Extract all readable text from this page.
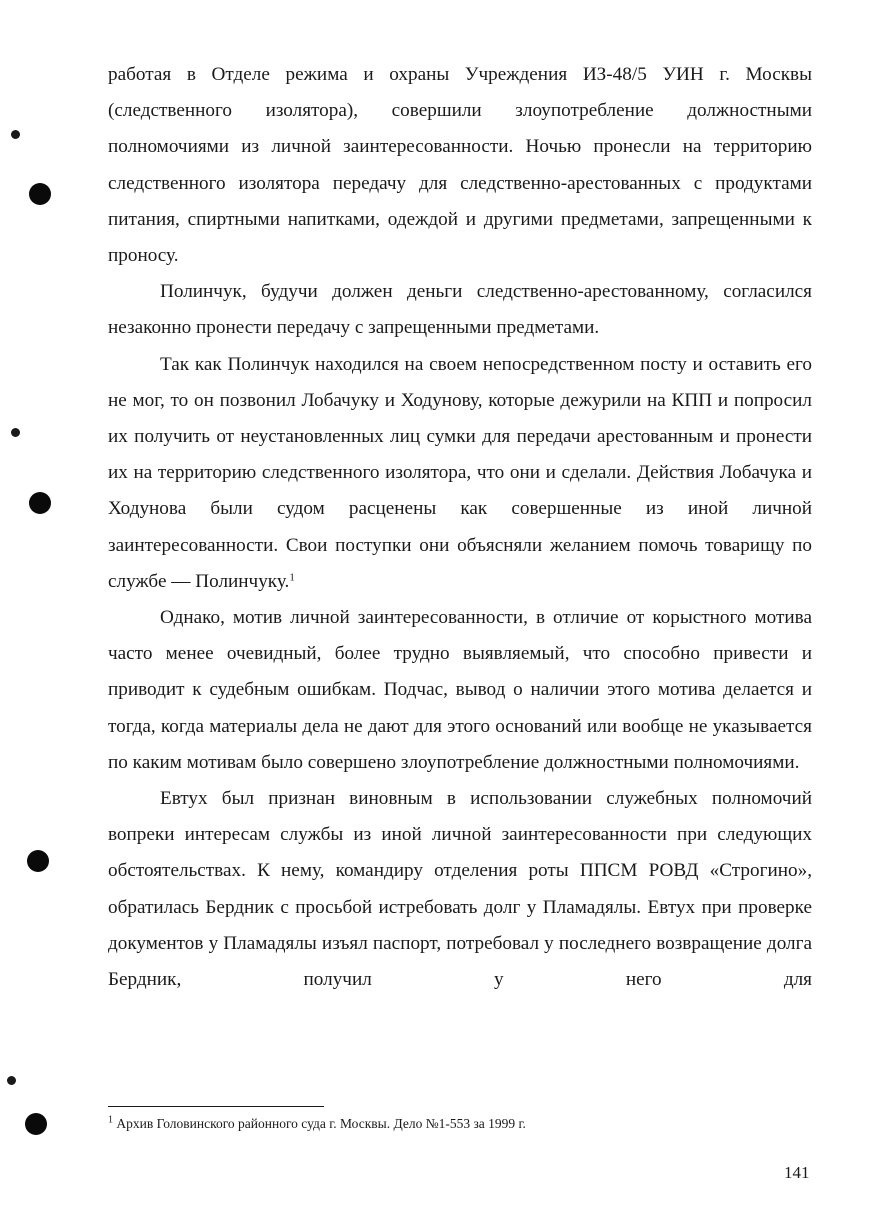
работая в Отделе режима и охраны Учреждения ИЗ-48/5 УИН г. Москвы (следственного изолятора), совершили злоупотребление должностными полномочиями из личной заинтересованности. Ночью пронесли на территорию следственного изолятора передачу для следственно-арестованных с продуктами питания, спиртными напитками, одеждой и другими предметами, запрещенными к проносу.

Полинчук, будучи должен деньги следственно-арестованному, согласился незаконно пронести передачу с запрещенными предметами.

Так как Полинчук находился на своем непосредственном посту и оставить его не мог, то он позвонил Лобачуку и Ходунову, которые дежурили на КПП и попросил их получить от неустановленных лиц сумки для передачи арестованным и пронести их на территорию следственного изолятора, что они и сделали. Действия Лобачука и Ходунова были судом расценены как совершенные из иной личной заинтересованности. Свои поступки они объясняли желанием помочь товарищу по службе — Полинчуку.$^1$

Однако, мотив личной заинтересованности, в отличие от корыстного мотива часто менее очевидный, более трудно выявляемый, что способно привести и приводит к судебным ошибкам. Подчас, вывод о наличии этого мотива делается и тогда, когда материалы дела не дают для этого оснований или вообще не указывается по каким мотивам было совершено злоупотребление должностными полномочиями.

Евтух был признан виновным в использовании служебных полномочий вопреки интересам службы из иной личной заинтересованности при следующих обстоятельствах. К нему, командиру отделения роты ППСМ РОВД «Строгино», обратилась Бердник с просьбой истребовать долг у Пламадялы. Евтух при проверке документов у Пламадялы изъял паспорт, потребовал у последнего возвращение долга Бердник, получил у него для

$^1$ Архив Головинского районного суда г. Москвы. Дело №1-553 за 1999 г.
141
